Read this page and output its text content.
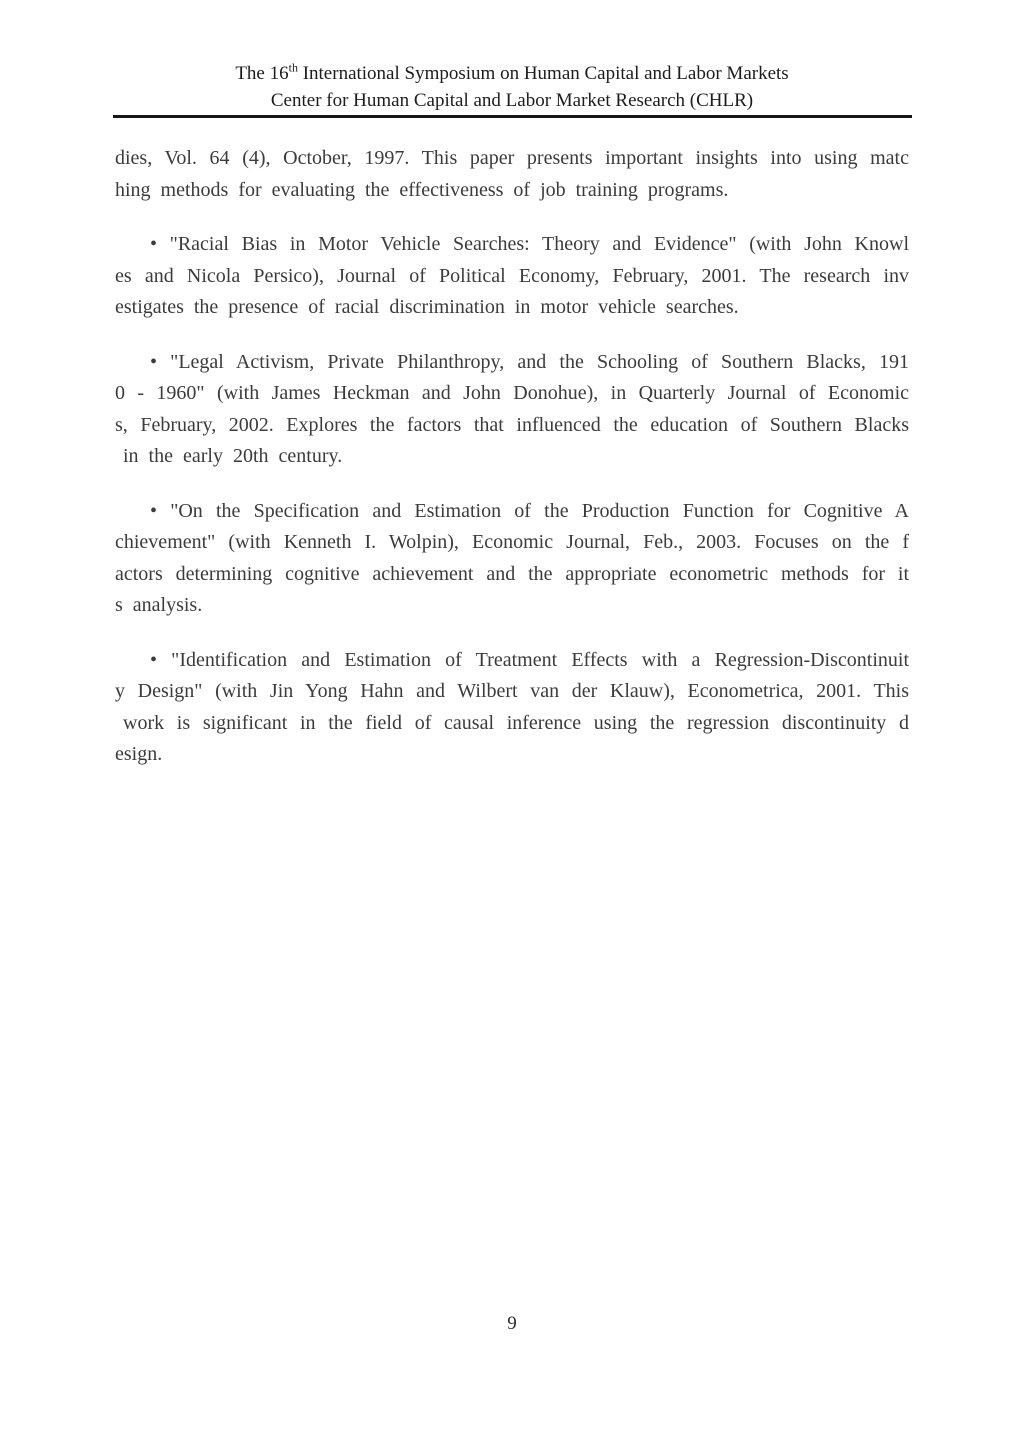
The 16th International Symposium on Human Capital and Labor Markets
Center for Human Capital and Labor Market Research (CHLR)
dies, Vol. 64 (4), October, 1997. This paper presents important insights into using matc
hing methods for evaluating the effectiveness of job training programs.
• "Racial Bias in Motor Vehicle Searches: Theory and Evidence" (with John Knowl
es and Nicola Persico), Journal of Political Economy, February, 2001. The research inv
estigates the presence of racial discrimination in motor vehicle searches.
• "Legal Activism, Private Philanthropy, and the Schooling of Southern Blacks, 191
0 - 1960" (with James Heckman and John Donohue), in Quarterly Journal of Economic
s, February, 2002. Explores the factors that influenced the education of Southern Blacks
in the early 20th century.
• "On the Specification and Estimation of the Production Function for Cognitive A
chievement" (with Kenneth I. Wolpin), Economic Journal, Feb., 2003. Focuses on the f
actors determining cognitive achievement and the appropriate econometric methods for it
s analysis.
• "Identification and Estimation of Treatment Effects with a Regression-Discontinuit
y Design" (with Jin Yong Hahn and Wilbert van der Klauw), Econometrica, 2001. This
work is significant in the field of causal inference using the regression discontinuity d
esign.
9
